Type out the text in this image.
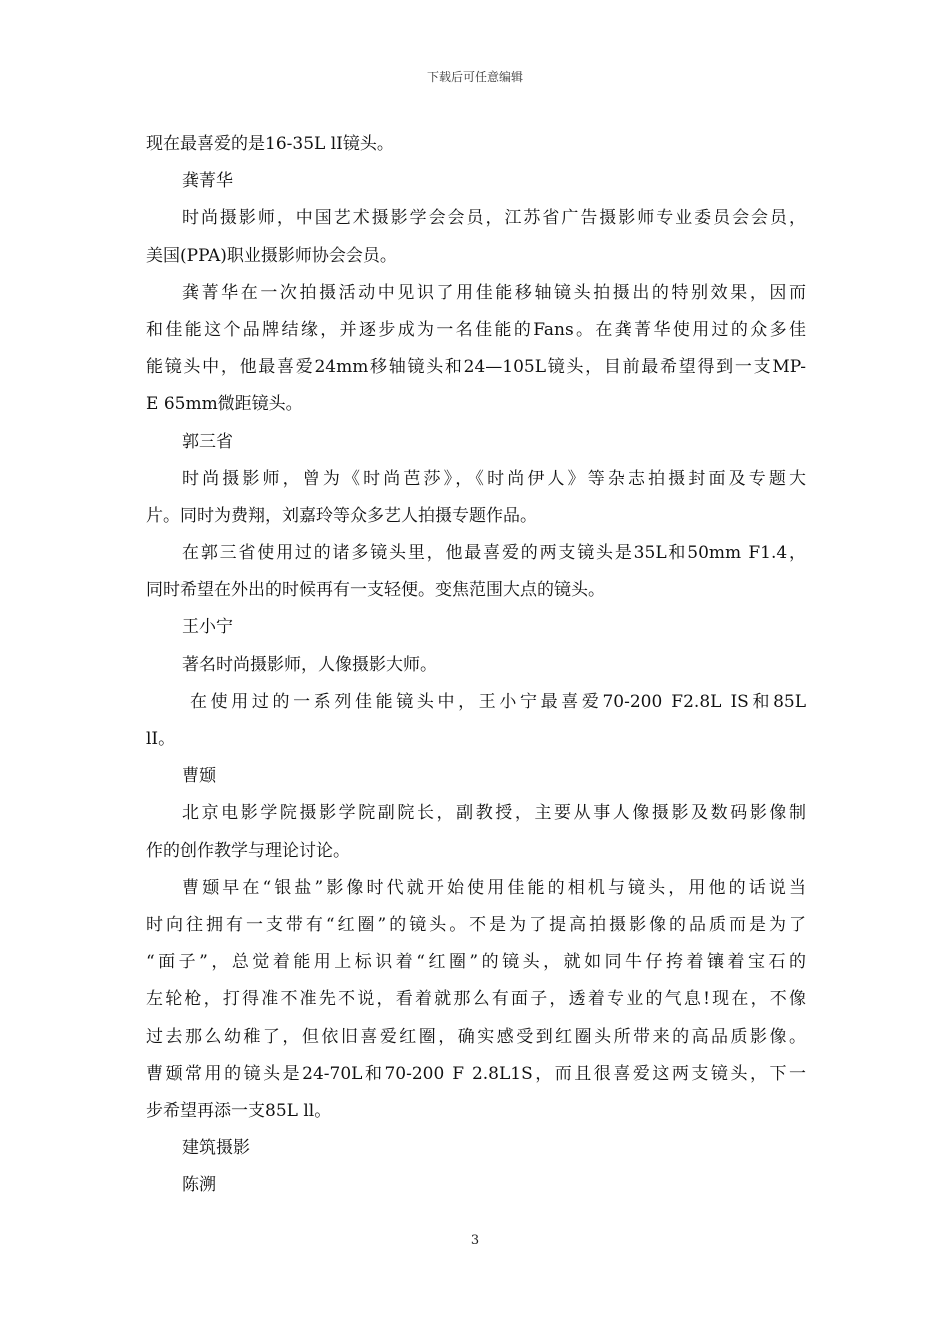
下载后可任意编辑
现在最喜爱的是16-35L lI镜头。
龚菁华
时尚摄影师，中国艺术摄影学会会员，江苏省广告摄影师专业委员会会员，
美国(PPA)职业摄影师协会会员。
龚菁华在一次拍摄活动中见识了用佳能移轴镜头拍摄出的特别效果，因而
和佳能这个品牌结缘，并逐步成为一名佳能的Fans。在龚菁华使用过的众多佳
能镜头中，他最喜爱24mm移轴镜头和24—105L镜头，目前最希望得到一支MP-
E 65mm微距镜头。
郭三省
时尚摄影师，曾为《时尚芭莎》，《时尚伊人》等杂志拍摄封面及专题大
片。同时为费翔，刘嘉玲等众多艺人拍摄专题作品。
在郭三省使用过的诸多镜头里，他最喜爱的两支镜头是35L和50mm F1.4，
同时希望在外出的时候再有一支轻便。变焦范围大点的镜头。
王小宁
著名时尚摄影师，人像摄影大师。
在使用过的一系列佳能镜头中，王小宁最喜爱70-200 F2.8L IS和85L
lI。
曹颋
北京电影学院摄影学院副院长，副教授，主要从事人像摄影及数码影像制
作的创作教学与理论讨论。
曹颋早在“银盐”影像时代就开始使用佳能的相机与镜头，用他的话说当
时向往拥有一支带有“红圈”的镜头。不是为了提高拍摄影像的品质而是为了
“面子”，总觉着能用上标识着“红圈”的镜头，就如同牛仔挎着镶着宝石的
左轮枪，打得准不准先不说，看着就那么有面子，透着专业的气息!现在，不像
过去那么幼稚了，但依旧喜爱红圈，确实感受到红圈头所带来的高品质影像。
曹颋常用的镜头是24-70L和70-200 F 2.8L1S，而且很喜爱这两支镜头，下一
步希望再添一支85L ll。
建筑摄影
陈溯
3
